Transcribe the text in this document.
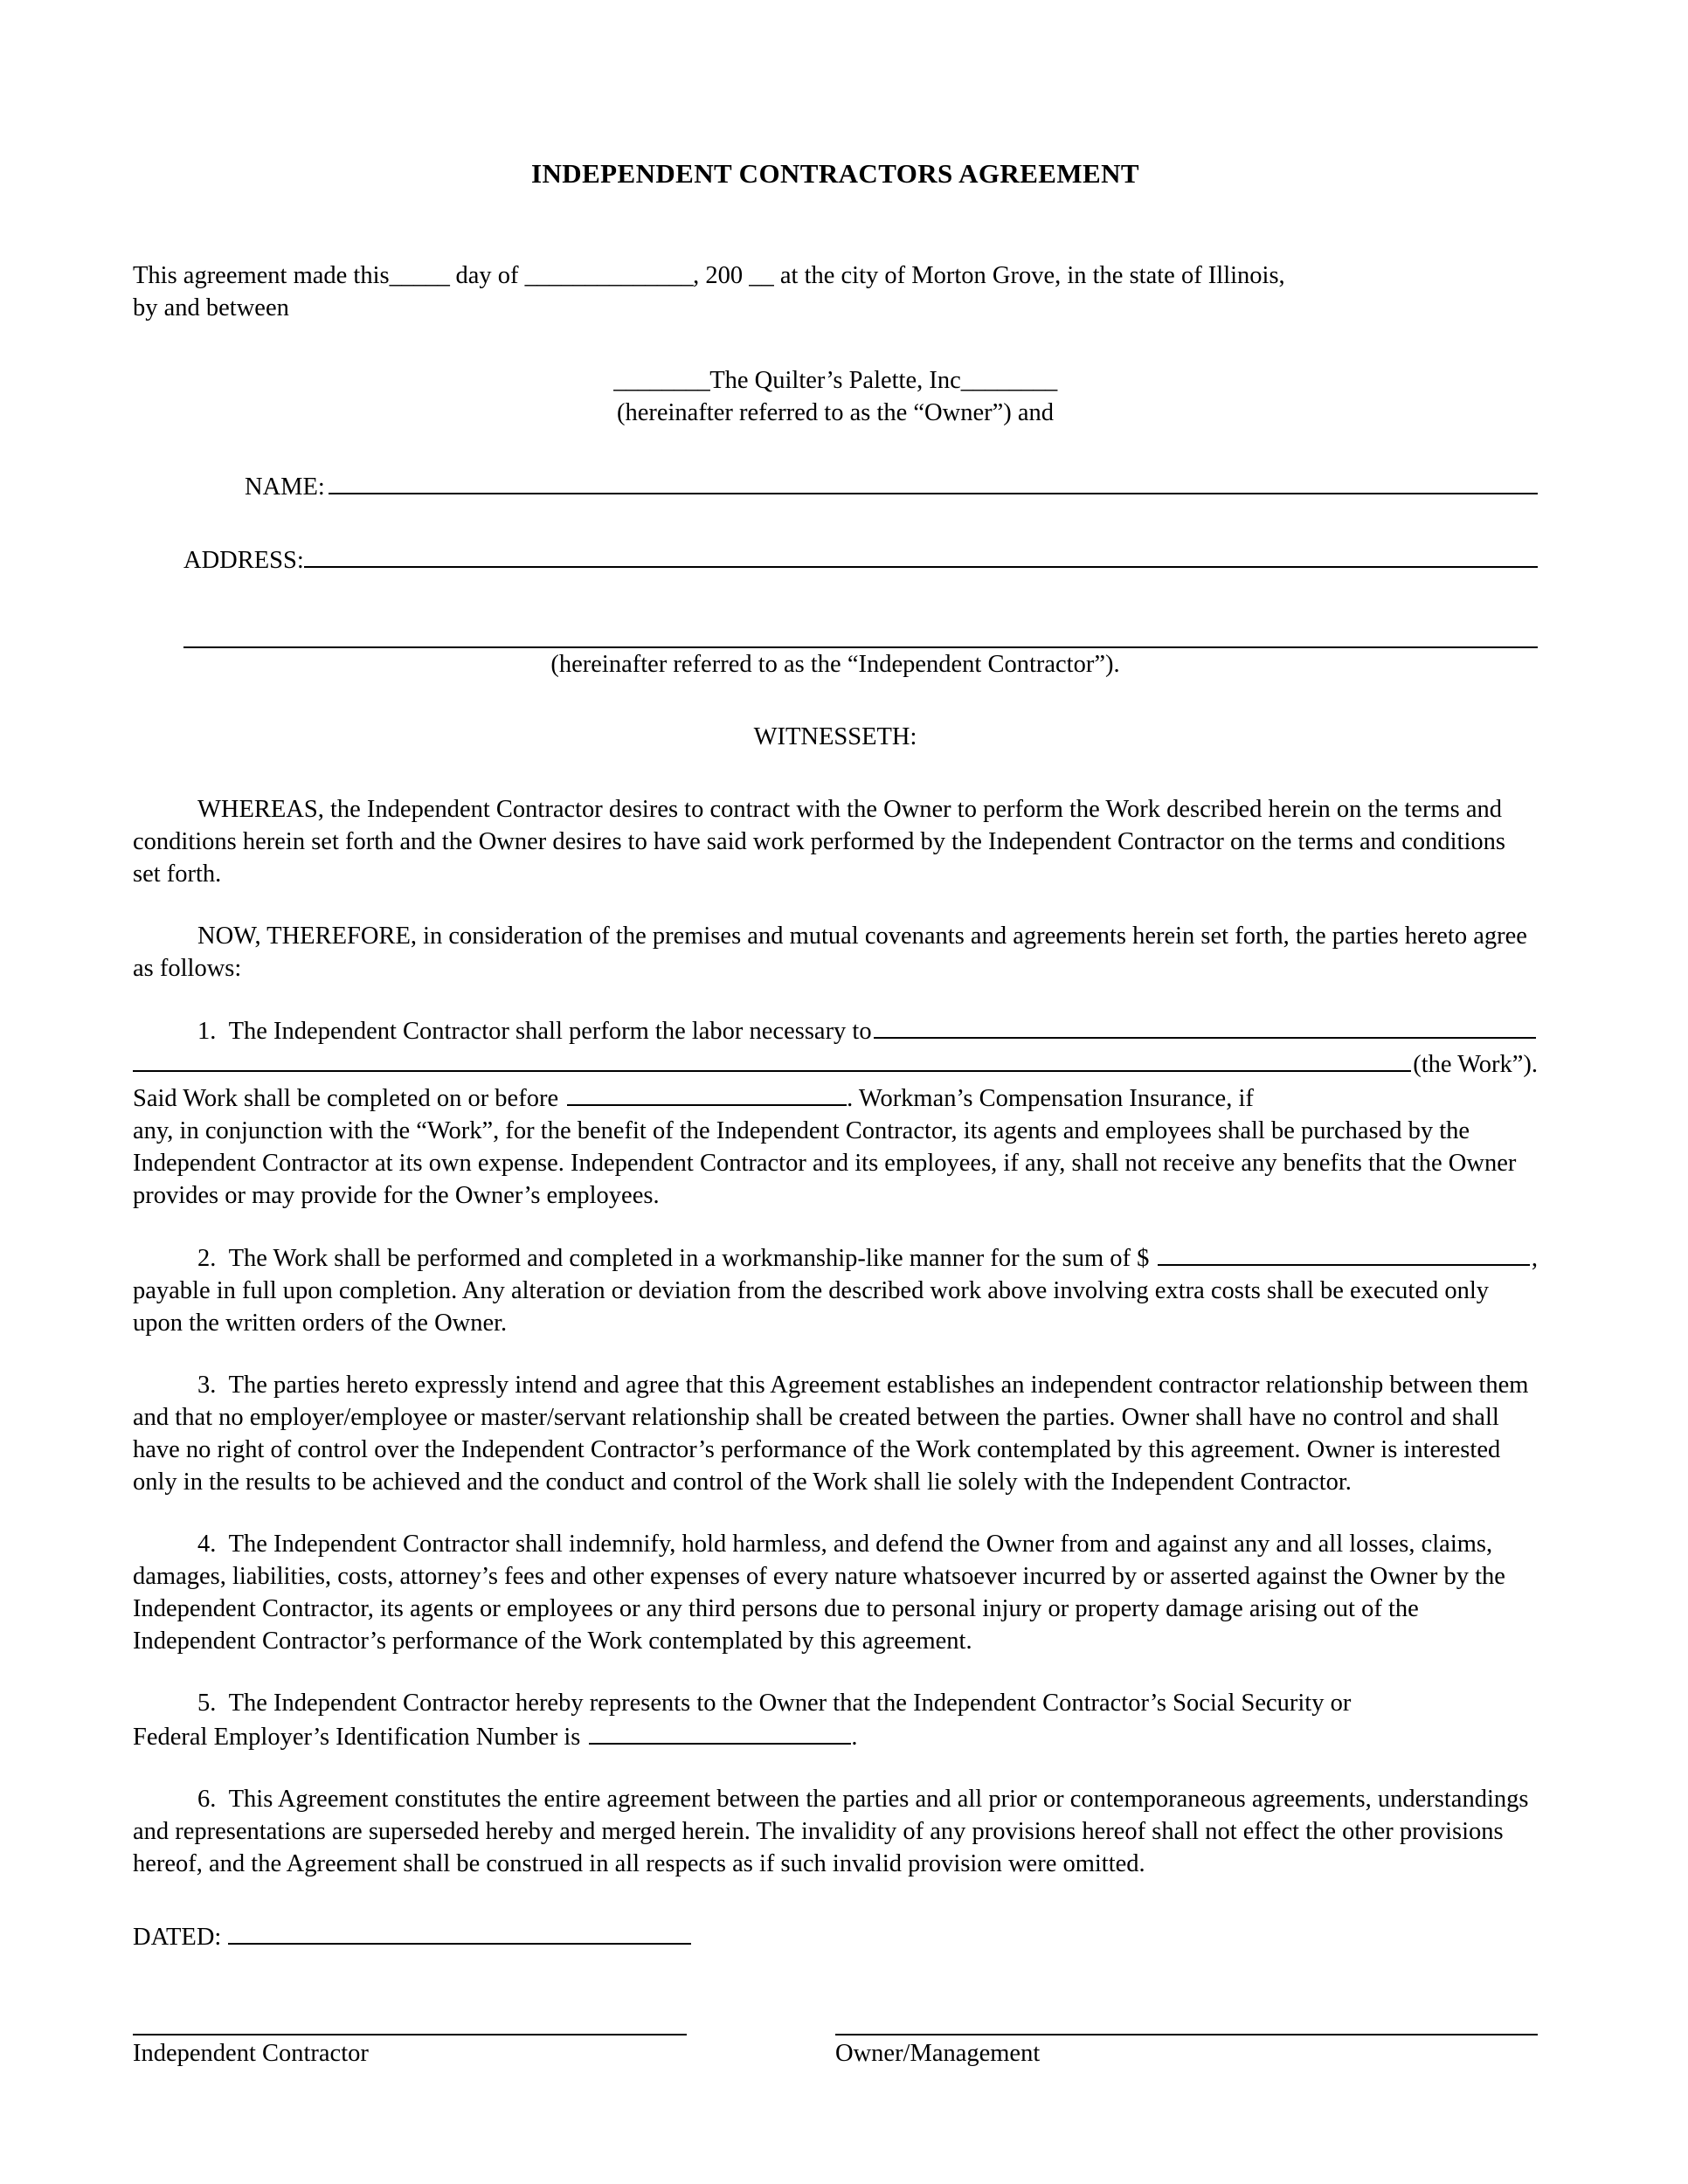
INDEPENDENT CONTRACTORS AGREEMENT
This agreement made this_____ day of ______________, 200 __ at the city of Morton Grove, in the state of Illinois,
by and between
________The Quilter’s Palette, Inc________
(hereinafter referred to as the “Owner”) and
NAME:
ADDRESS:
(hereinafter referred to as the “Independent Contractor”).
WITNESSETH:
WHEREAS, the Independent Contractor desires to contract with the Owner to perform the Work described herein on the terms and conditions herein set forth and the Owner desires to have said work performed by the Independent Contractor on the terms and conditions set forth.
NOW, THEREFORE, in consideration of the premises and mutual covenants and agreements herein set forth, the parties hereto agree as follows:
1.
The Independent Contractor shall perform the labor necessary to
(the Work”).
Said Work shall be completed on or before	. Workman’s Compensation Insurance, if
any, in conjunction with the “Work”, for the benefit of the Independent Contractor, its agents and employees shall be purchased by the Independent Contractor at its own expense. Independent Contractor and its employees, if any, shall not receive any benefits that the Owner provides or may provide for the Owner’s employees.
2.
The Work shall be performed and completed in a workmanship-like manner for the sum of $	,
payable in full upon completion. Any alteration or deviation from the described work above involving extra costs shall be executed only upon the written orders of the Owner.
3. The parties hereto expressly intend and agree that this Agreement establishes an independent contractor relationship between them and that no employer/employee or master/servant relationship shall be created between the parties. Owner shall have no control and shall have no right of control over the Independent Contractor’s performance of the Work contemplated by this agreement. Owner is interested only in the results to be achieved and the conduct and control of the Work shall lie solely with the Independent Contractor.
4. The Independent Contractor shall indemnify, hold harmless, and defend the Owner from and against any and all losses, claims, damages, liabilities, costs, attorney’s fees and other expenses of every nature whatsoever incurred by or asserted against the Owner by the Independent Contractor, its agents or employees or any third persons due to personal injury or property damage arising out of the Independent Contractor’s performance of the Work contemplated by this agreement.
5. The Independent Contractor hereby represents to the Owner that the Independent Contractor’s Social Security or
Federal Employer’s Identification Number is	.
6. This Agreement constitutes the entire agreement between the parties and all prior or contemporaneous agreements, understandings and representations are superseded hereby and merged herein. The invalidity of any provisions hereof shall not effect the other provisions hereof, and the Agreement shall be construed in all respects as if such invalid provision were omitted.
DATED:
Independent Contractor	Owner/Management
